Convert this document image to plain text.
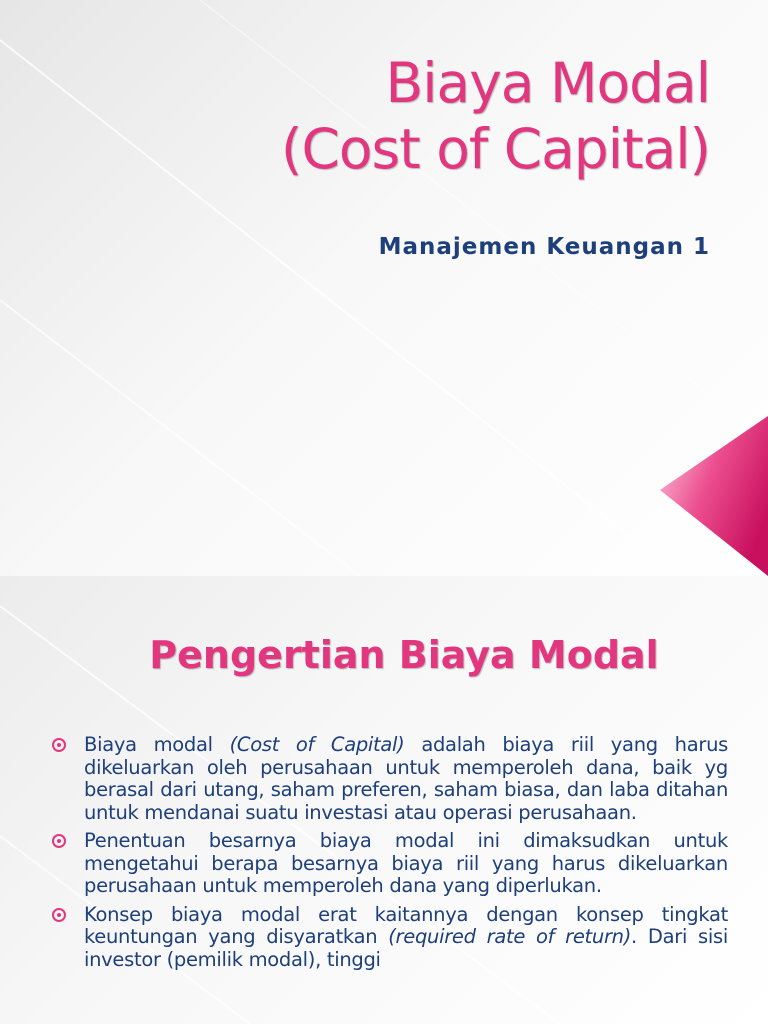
Biaya Modal
(Cost of Capital)
Manajemen Keuangan 1
Pengertian Biaya Modal
Biaya modal (Cost of Capital) adalah biaya riil yang harus dikeluarkan oleh perusahaan untuk memperoleh dana, baik yg berasal dari utang, saham preferen, saham biasa, dan laba ditahan untuk mendanai suatu investasi atau operasi perusahaan.
Penentuan besarnya biaya modal ini dimaksudkan untuk mengetahui berapa besarnya biaya riil yang harus dikeluarkan perusahaan untuk memperoleh dana yang diperlukan.
Konsep biaya modal erat kaitannya dengan konsep tingkat keuntungan yang disyaratkan (required rate of return). Dari sisi investor (pemilik modal), tinggi
